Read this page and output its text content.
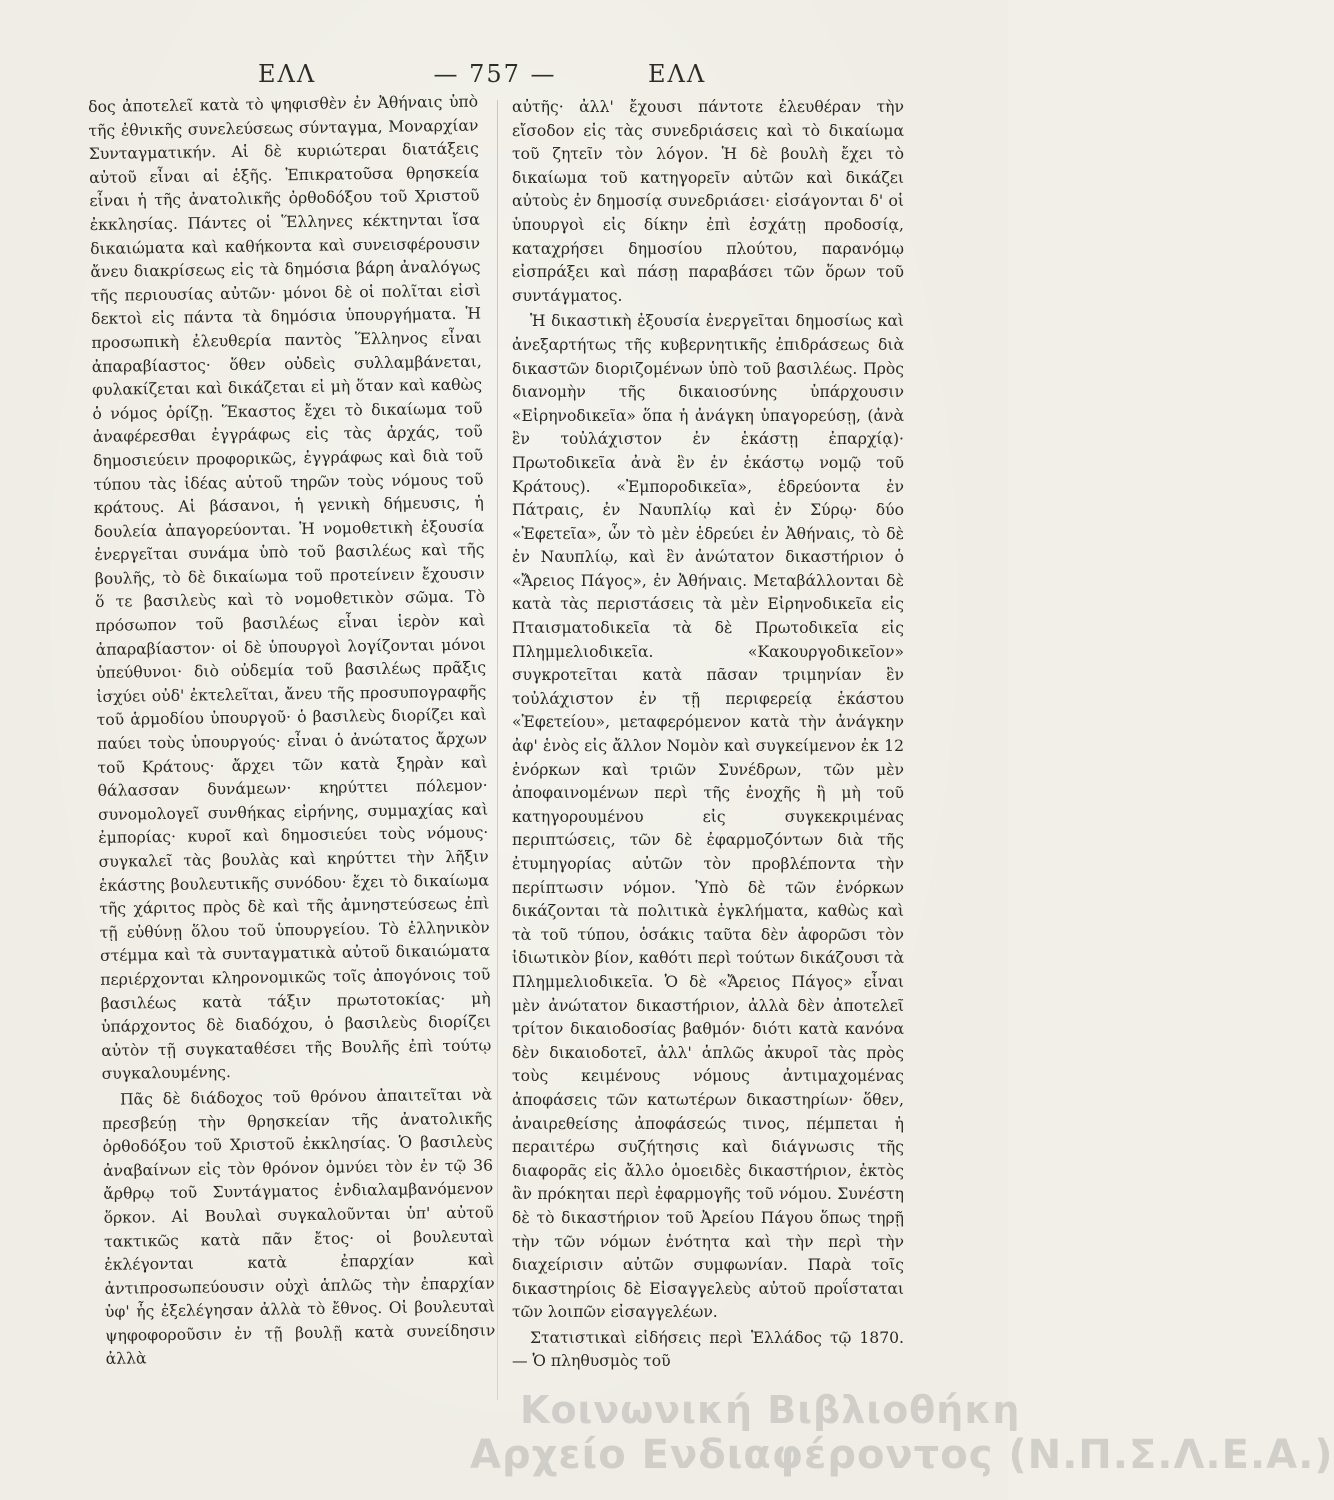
ΕΛΛ	— 757 —	ΕΛΛ

δος ἀποτελεῖ κατὰ τὸ ψηφισθὲν ἐν Ἀθήναις ὑπὸ τῆς ἐθνικῆς συνελεύσεως σύνταγμα, Μοναρχίαν Συνταγματικήν. Αἱ δὲ κυριώτεραι διατάξεις αὐτοῦ εἶναι αἱ ἑξῆς. Ἐπικρατοῦσα θρησκεία εἶναι ἡ τῆς ἀνατολικῆς ὀρθοδόξου τοῦ Χριστοῦ ἐκκλησίας. Πάντες οἱ Ἕλληνες κέκτηνται ἴσα δικαιώματα καὶ καθήκοντα καὶ συνεισφέρουσιν ἄνευ διακρίσεως εἰς τὰ δημόσια βάρη ἀναλόγως τῆς περιουσίας αὐτῶν· μόνοι δὲ οἱ πολῖται εἰσὶ δεκτοὶ εἰς πάντα τὰ δημόσια ὑπουργήματα. Ἡ προσωπικὴ ἐλευθερία παντὸς Ἕλληνος εἶναι ἀπαραβίαστος· ὅθεν οὐδεὶς συλλαμβάνεται, φυλακίζεται καὶ δικάζεται εἰ μὴ ὅταν καὶ καθὼς ὁ νόμος ὁρίζῃ. Ἕκαστος ἔχει τὸ δικαίωμα τοῦ ἀναφέρεσθαι ἐγγράφως εἰς τὰς ἀρχάς, τοῦ δημοσιεύειν προφορικῶς, ἐγγράφως καὶ διὰ τοῦ τύπου τὰς ἰδέας αὐτοῦ τηρῶν τοὺς νόμους τοῦ κράτους. Αἱ βάσανοι, ἡ γενικὴ δήμευσις, ἡ δουλεία ἀπαγορεύονται. Ἡ νομοθετικὴ ἐξουσία ἐνεργεῖται συνάμα ὑπὸ τοῦ βασιλέως καὶ τῆς βουλῆς, τὸ δὲ δικαίωμα τοῦ προτείνειν ἔχουσιν ὅ τε βασιλεὺς καὶ τὸ νομοθετικὸν σῶμα. Τὸ πρόσωπον τοῦ βασιλέως εἶναι ἱερὸν καὶ ἀπαραβίαστον· οἱ δὲ ὑπουργοὶ λογίζονται μόνοι ὑπεύθυνοι· διὸ οὐδεμία τοῦ βασιλέως πρᾶξις ἰσχύει οὐδ' ἐκτελεῖται, ἄνευ τῆς προσυπογραφῆς τοῦ ἁρμοδίου ὑπουργοῦ· ὁ βασιλεὺς διορίζει καὶ παύει τοὺς ὑπουργούς· εἶναι ὁ ἀνώτατος ἄρχων τοῦ Κράτους· ἄρχει τῶν κατὰ ξηρὰν καὶ θάλασσαν δυνάμεων· κηρύττει πόλεμον· συνομολογεῖ συνθήκας εἰρήνης, συμμαχίας καὶ ἐμπορίας· κυροῖ καὶ δημοσιεύει τοὺς νόμους· συγκαλεῖ τὰς βουλὰς καὶ κηρύττει τὴν λῆξιν ἑκάστης βουλευτικῆς συνόδου· ἔχει τὸ δικαίωμα τῆς χάριτος πρὸς δὲ καὶ τῆς ἀμνηστεύσεως ἐπὶ τῇ εὐθύνῃ ὅλου τοῦ ὑπουργείου. Τὸ ἑλληνικὸν στέμμα καὶ τὰ συνταγματικὰ αὐτοῦ δικαιώματα περιέρχονται κληρονομικῶς τοῖς ἀπογόνοις τοῦ βασιλέως κατὰ τάξιν πρωτοτοκίας· μὴ ὑπάρχοντος δὲ διαδόχου, ὁ βασιλεὺς διορίζει αὐτὸν τῇ συγκαταθέσει τῆς Βουλῆς ἐπὶ τούτῳ συγκαλουμένης.

Πᾶς δὲ διάδοχος τοῦ θρόνου ἀπαιτεῖται νὰ πρεσβεύῃ τὴν θρησκείαν τῆς ἀνατολικῆς ὀρθοδόξου τοῦ Χριστοῦ ἐκκλησίας. Ὁ βασιλεὺς ἀναβαίνων εἰς τὸν θρόνον ὀμνύει τὸν ἐν τῷ 36 ἄρθρῳ τοῦ Συντάγματος ἐνδιαλαμβανόμενον ὅρκον. Αἱ Βουλαὶ συγκαλοῦνται ὑπ' αὐτοῦ τακτικῶς κατὰ πᾶν ἔτος· οἱ βουλευταὶ ἐκλέγονται κατὰ ἐπαρχίαν καὶ ἀντιπροσωπεύουσιν οὐχὶ ἁπλῶς τὴν ἐπαρχίαν ὑφ' ἧς ἐξελέγησαν ἀλλὰ τὸ ἔθνος. Οἱ βουλευταὶ ψηφοφοροῦσιν ἐν τῇ βουλῇ κατὰ συνείδησιν ἀλλὰ

αὐτῆς· ἀλλ' ἔχουσι πάντοτε ἐλευθέραν τὴν εἴσοδον εἰς τὰς συνεδριάσεις καὶ τὸ δικαίωμα τοῦ ζητεῖν τὸν λόγον. Ἡ δὲ βουλὴ ἔχει τὸ δικαίωμα τοῦ κατηγορεῖν αὐτῶν καὶ δικάζει αὐτοὺς ἐν δημοσίᾳ συνεδριάσει· εἰσάγονται δ' οἱ ὑπουργοὶ εἰς δίκην ἐπὶ ἐσχάτῃ προδοσίᾳ, καταχρήσει δημοσίου πλούτου, παρανόμῳ εἰσπράξει καὶ πάσῃ παραβάσει τῶν ὅρων τοῦ συντάγματος.

Ἡ δικαστικὴ ἐξουσία ἐνεργεῖται δημοσίως καὶ ἀνεξαρτήτως τῆς κυβερνητικῆς ἐπιδράσεως διὰ δικαστῶν διοριζομένων ὑπὸ τοῦ βασιλέως. Πρὸς διανομὴν τῆς δικαιοσύνης ὑπάρχουσιν «Εἰρηνοδικεῖα» ὅπα ἡ ἀνάγκη ὑπαγορεύσῃ, (ἀνὰ ἓν τοὐλάχιστον ἐν ἑκάστῃ ἐπαρχίᾳ)· Πρωτοδικεῖα ἀνὰ ἓν ἐν ἑκάστῳ νομῷ τοῦ Κράτους). «Ἐμποροδικεῖα», ἑδρεύοντα ἐν Πάτραις, ἐν Ναυπλίῳ καὶ ἐν Σύρῳ· δύο «Ἐφετεῖα», ὧν τὸ μὲν ἑδρεύει ἐν Ἀθήναις, τὸ δὲ ἐν Ναυπλίῳ, καὶ ἓν ἀνώτατον δικαστήριον ὁ «Ἄρειος Πάγος», ἐν Ἀθήναις. Μεταβάλλονται δὲ κατὰ τὰς περιστάσεις τὰ μὲν Εἰρηνοδικεῖα εἰς Πταισματοδικεῖα τὰ δὲ Πρωτοδικεῖα εἰς Πλημμελιοδικεῖα. «Κακουργοδικεῖον» συγκροτεῖται κατὰ πᾶσαν τριμηνίαν ἓν τοὐλάχιστον ἐν τῇ περιφερείᾳ ἑκάστου «Ἐφετείου», μεταφερόμενον κατὰ τὴν ἀνάγκην ἀφ' ἑνὸς εἰς ἄλλον Νομὸν καὶ συγκείμενον ἐκ 12 ἐνόρκων καὶ τριῶν Συνέδρων, τῶν μὲν ἀποφαινομένων περὶ τῆς ἐνοχῆς ἢ μὴ τοῦ κατηγορουμένου εἰς συγκεκριμένας περιπτώσεις, τῶν δὲ ἐφαρμοζόντων διὰ τῆς ἐτυμηγορίας αὐτῶν τὸν προβλέποντα τὴν περίπτωσιν νόμον. Ὑπὸ δὲ τῶν ἐνόρκων δικάζονται τὰ πολιτικὰ ἐγκλήματα, καθὼς καὶ τὰ τοῦ τύπου, ὁσάκις ταῦτα δὲν ἀφορῶσι τὸν ἰδιωτικὸν βίον, καθότι περὶ τούτων δικάζουσι τὰ Πλημμελιοδικεῖα. Ὁ δὲ «Ἄρειος Πάγος» εἶναι μὲν ἀνώτατον δικαστήριον, ἀλλὰ δὲν ἀποτελεῖ τρίτον δικαιοδοσίας βαθμόν· διότι κατὰ κανόνα δὲν δικαιοδοτεῖ, ἀλλ' ἁπλῶς ἀκυροῖ τὰς πρὸς τοὺς κειμένους νόμους ἀντιμαχομένας ἀποφάσεις τῶν κατωτέρων δικαστηρίων· ὅθεν, ἀναιρεθείσης ἀποφάσεώς τινος, πέμπεται ἡ περαιτέρω συζήτησις καὶ διάγνωσις τῆς διαφορᾶς εἰς ἄλλο ὁμοειδὲς δικαστήριον, ἐκτὸς ἂν πρόκηται περὶ ἐφαρμογῆς τοῦ νόμου. Συνέστη δὲ τὸ δικαστήριον τοῦ Ἀρείου Πάγου ὅπως τηρῇ τὴν τῶν νόμων ἑνότητα καὶ τὴν περὶ τὴν διαχείρισιν αὐτῶν συμφωνίαν. Παρὰ τοῖς δικαστηρίοις δὲ Εἰσαγγελεὺς αὐτοῦ προΐσταται τῶν λοιπῶν εἰσαγγελέων.

Στατιστικαὶ εἰδήσεις περὶ Ἑλλάδος τῷ 1870. — Ὁ πληθυσμὸς τοῦ

Κοινωνική Βιβλιοθήκη
Αρχείο Ενδιαφέροντος (Ν.Π.Σ.Λ.Ε.Α.)
